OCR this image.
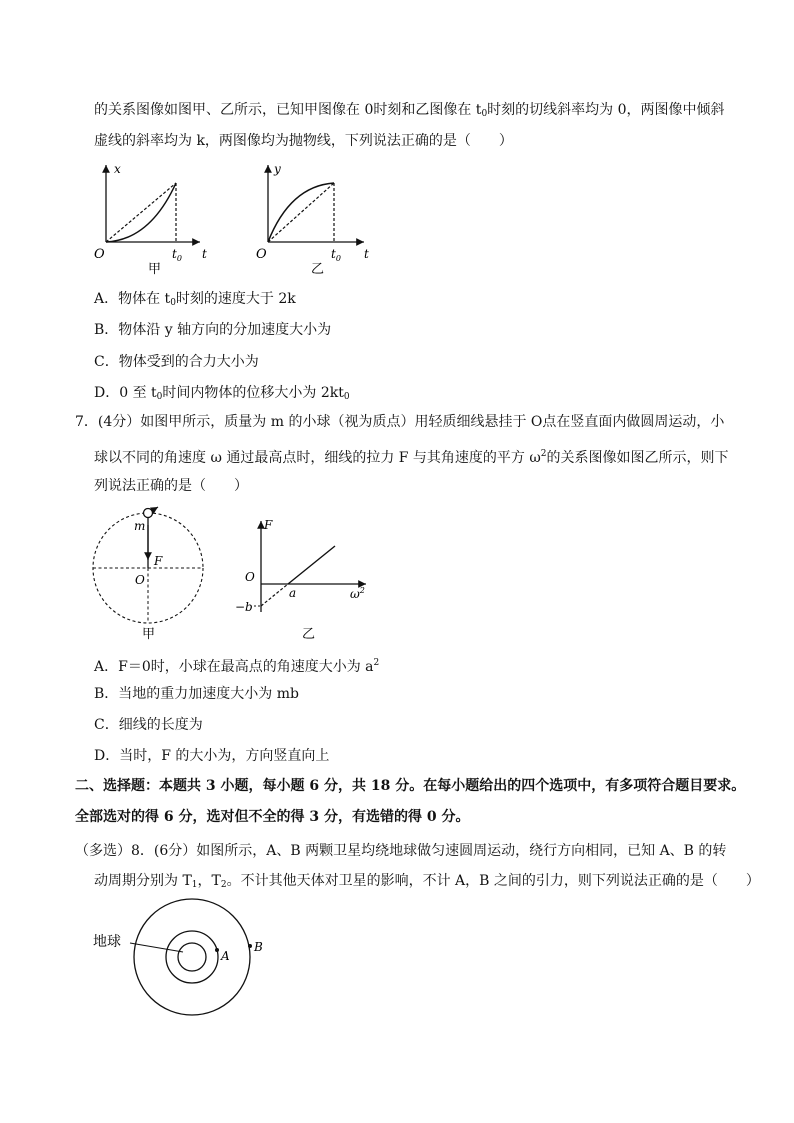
的关系图像如图甲、乙所示，已知甲图像在 0时刻和乙图像在 $t_0$时刻的切线斜率均为 0，两图像中倾斜
虚线的斜率均为 k，两图像均为抛物线，下列说法正确的是（　　）
x
O	$t_0$ t
甲
y
O	$t_0$ t
乙
A．物体在 $t_0$时刻的速度大于 2k
B．物体沿 y 轴方向的分加速度大小为
C．物体受到的合力大小为
D．0 至 $t_0$时间内物体的位移大小为 $2kt_0$
7．(4分）如图甲所示，质量为 m 的小球（视为质点）用轻质细线悬挂于 O点在竖直面内做圆周运动，小
球以不同的角速度 ω 通过最高点时，细线的拉力 F 与其角速度的平方 $\omega^2$的关系图像如图乙所示，则下
列说法正确的是（　　）
m
F
O
甲
F
O
a
−b
$\omega^2$
乙
A．F＝0时，小球在最高点的角速度大小为 $a^2$
B．当地的重力加速度大小为 mb
C．细线的长度为
D．当时，F 的大小为，方向竖直向上
二、选择题：本题共 3 小题，每小题 6 分，共 18 分。在每小题给出的四个选项中，有多项符合题目要求。
全部选对的得 6 分，选对但不全的得 3 分，有选错的得 0 分。
（多选）8．(6分）如图所示，A、B 两颗卫星均绕地球做匀速圆周运动，绕行方向相同，已知 A、B 的转
动周期分别为 $T_1$，$T_2$。不计其他天体对卫星的影响，不计 A，B 之间的引力，则下列说法正确的是（　　）
地球
A
B
